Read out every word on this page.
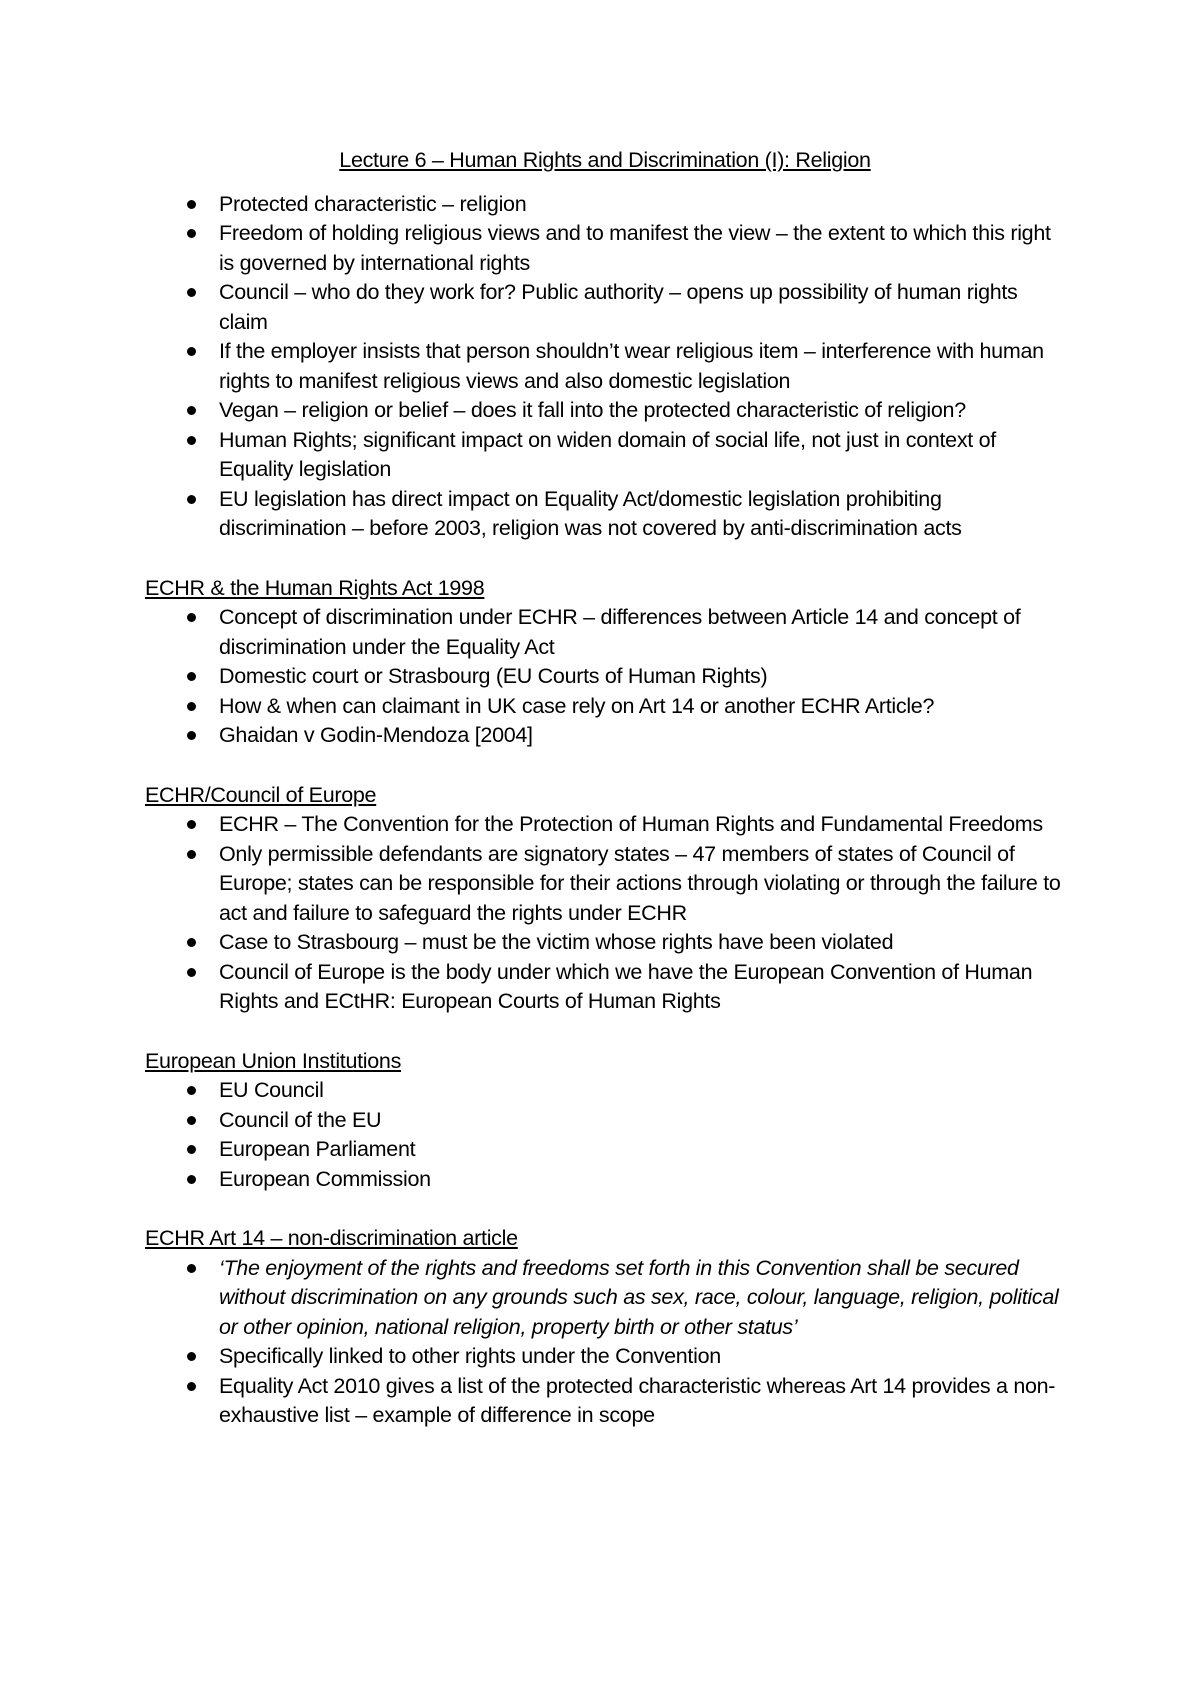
Lecture 6 – Human Rights and Discrimination (I): Religion
Protected characteristic – religion
Freedom of holding religious views and to manifest the view – the extent to which this right is governed by international rights
Council – who do they work for? Public authority – opens up possibility of human rights claim
If the employer insists that person shouldn’t wear religious item – interference with human rights to manifest religious views and also domestic legislation
Vegan – religion or belief – does it fall into the protected characteristic of religion?
Human Rights; significant impact on widen domain of social life, not just in context of Equality legislation
EU legislation has direct impact on Equality Act/domestic legislation prohibiting discrimination – before 2003, religion was not covered by anti-discrimination acts
ECHR & the Human Rights Act 1998
Concept of discrimination under ECHR – differences between Article 14 and concept of discrimination under the Equality Act
Domestic court or Strasbourg (EU Courts of Human Rights)
How & when can claimant in UK case rely on Art 14 or another ECHR Article?
Ghaidan v Godin-Mendoza [2004]
ECHR/Council of Europe
ECHR – The Convention for the Protection of Human Rights and Fundamental Freedoms
Only permissible defendants are signatory states – 47 members of states of Council of Europe; states can be responsible for their actions through violating or through the failure to act and failure to safeguard the rights under ECHR
Case to Strasbourg – must be the victim whose rights have been violated
Council of Europe is the body under which we have the European Convention of Human Rights and ECtHR: European Courts of Human Rights
European Union Institutions
EU Council
Council of the EU
European Parliament
European Commission
ECHR Art 14 – non-discrimination article
‘The enjoyment of the rights and freedoms set forth in this Convention shall be secured without discrimination on any grounds such as sex, race, colour, language, religion, political or other opinion, national religion, property birth or other status’
Specifically linked to other rights under the Convention
Equality Act 2010 gives a list of the protected characteristic whereas Art 14 provides a non-exhaustive list – example of difference in scope
